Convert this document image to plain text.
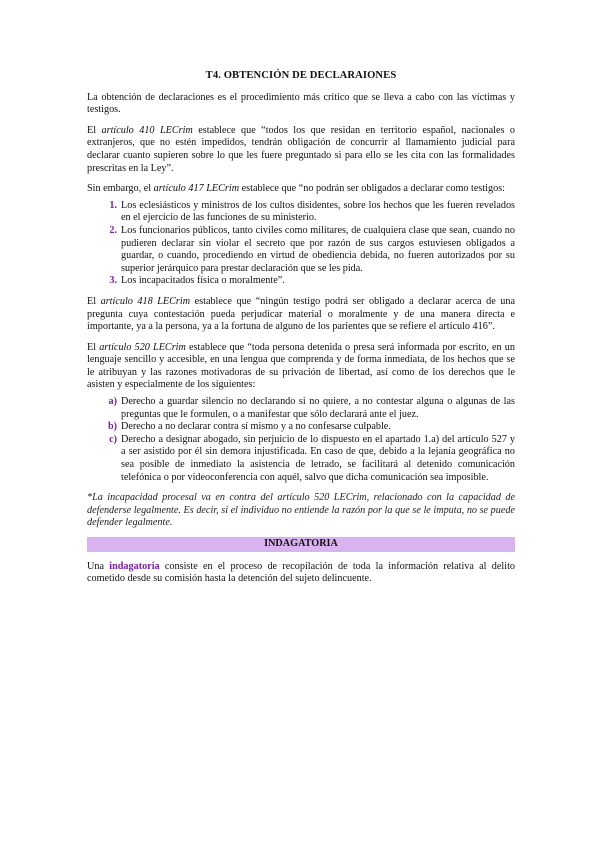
T4. OBTENCIÓN DE DECLARAIONES

La obtención de declaraciones es el procedimiento más crítico que se lleva a cabo con las víctimas y testigos.

El artículo 410 LECrim establece que “todos los que residan en territorio español, nacionales o extranjeros, que no estén impedidos, tendrán obligación de concurrir al llamamiento judicial para declarar cuanto supieren sobre lo que les fuere preguntado si para ello se les cita con las formalidades prescritas en la Ley”.

Sin embargo, el artículo 417 LECrim establece que “no podrán ser obligados a declarar como testigos:

1. Los eclesiásticos y ministros de los cultos disidentes, sobre los hechos que les fueren revelados en el ejercicio de las funciones de su ministerio.
2. Los funcionarios públicos, tanto civiles como militares, de cualquiera clase que sean, cuando no pudieren declarar sin violar el secreto que por razón de sus cargos estuviesen obligados a guardar, o cuando, procediendo en virtud de obediencia debida, no fueren autorizados por su superior jerárquico para prestar declaración que se les pida.
3. Los incapacitados física o moralmente”.

El artículo 418 LECrim establece que “ningún testigo podrá ser obligado a declarar acerca de una pregunta cuya contestación pueda perjudicar material o moralmente y de una manera directa e importante, ya a la persona, ya a la fortuna de alguno de los parientes que se refiere el artículo 416”.

El artículo 520 LECrim establece que “toda persona detenida o presa será informada por escrito, en un lenguaje sencillo y accesible, en una lengua que comprenda y de forma inmediata, de los hechos que se le atribuyan y las razones motivadoras de su privación de libertad, así como de los derechos que le asisten y especialmente de los siguientes:

a) Derecho a guardar silencio no declarando si no quiere, a no contestar alguna o algunas de las preguntas que le formulen, o a manifestar que sólo declarará ante el juez.
b) Derecho a no declarar contra sí mismo y a no confesarse culpable.
c) Derecho a designar abogado, sin perjuicio de lo dispuesto en el apartado 1.a) del artículo 527 y a ser asistido por él sin demora injustificada. En caso de que, debido a la lejanía geográfica no sea posible de inmediato la asistencia de letrado, se facilitará al detenido comunicación telefónica o por videoconferencia con aquél, salvo que dicha comunicación sea imposible.

*La incapacidad procesal va en contra del artículo 520 LECrim, relacionado con la capacidad de defenderse legalmente. Es decir, si el individuo no entiende la razón por la que se le imputa, no se puede defender legalmente.

INDAGATORIA

Una indagatoria consiste en el proceso de recopilación de toda la información relativa al delito cometido desde su comisión hasta la detención del sujeto delincuente.
